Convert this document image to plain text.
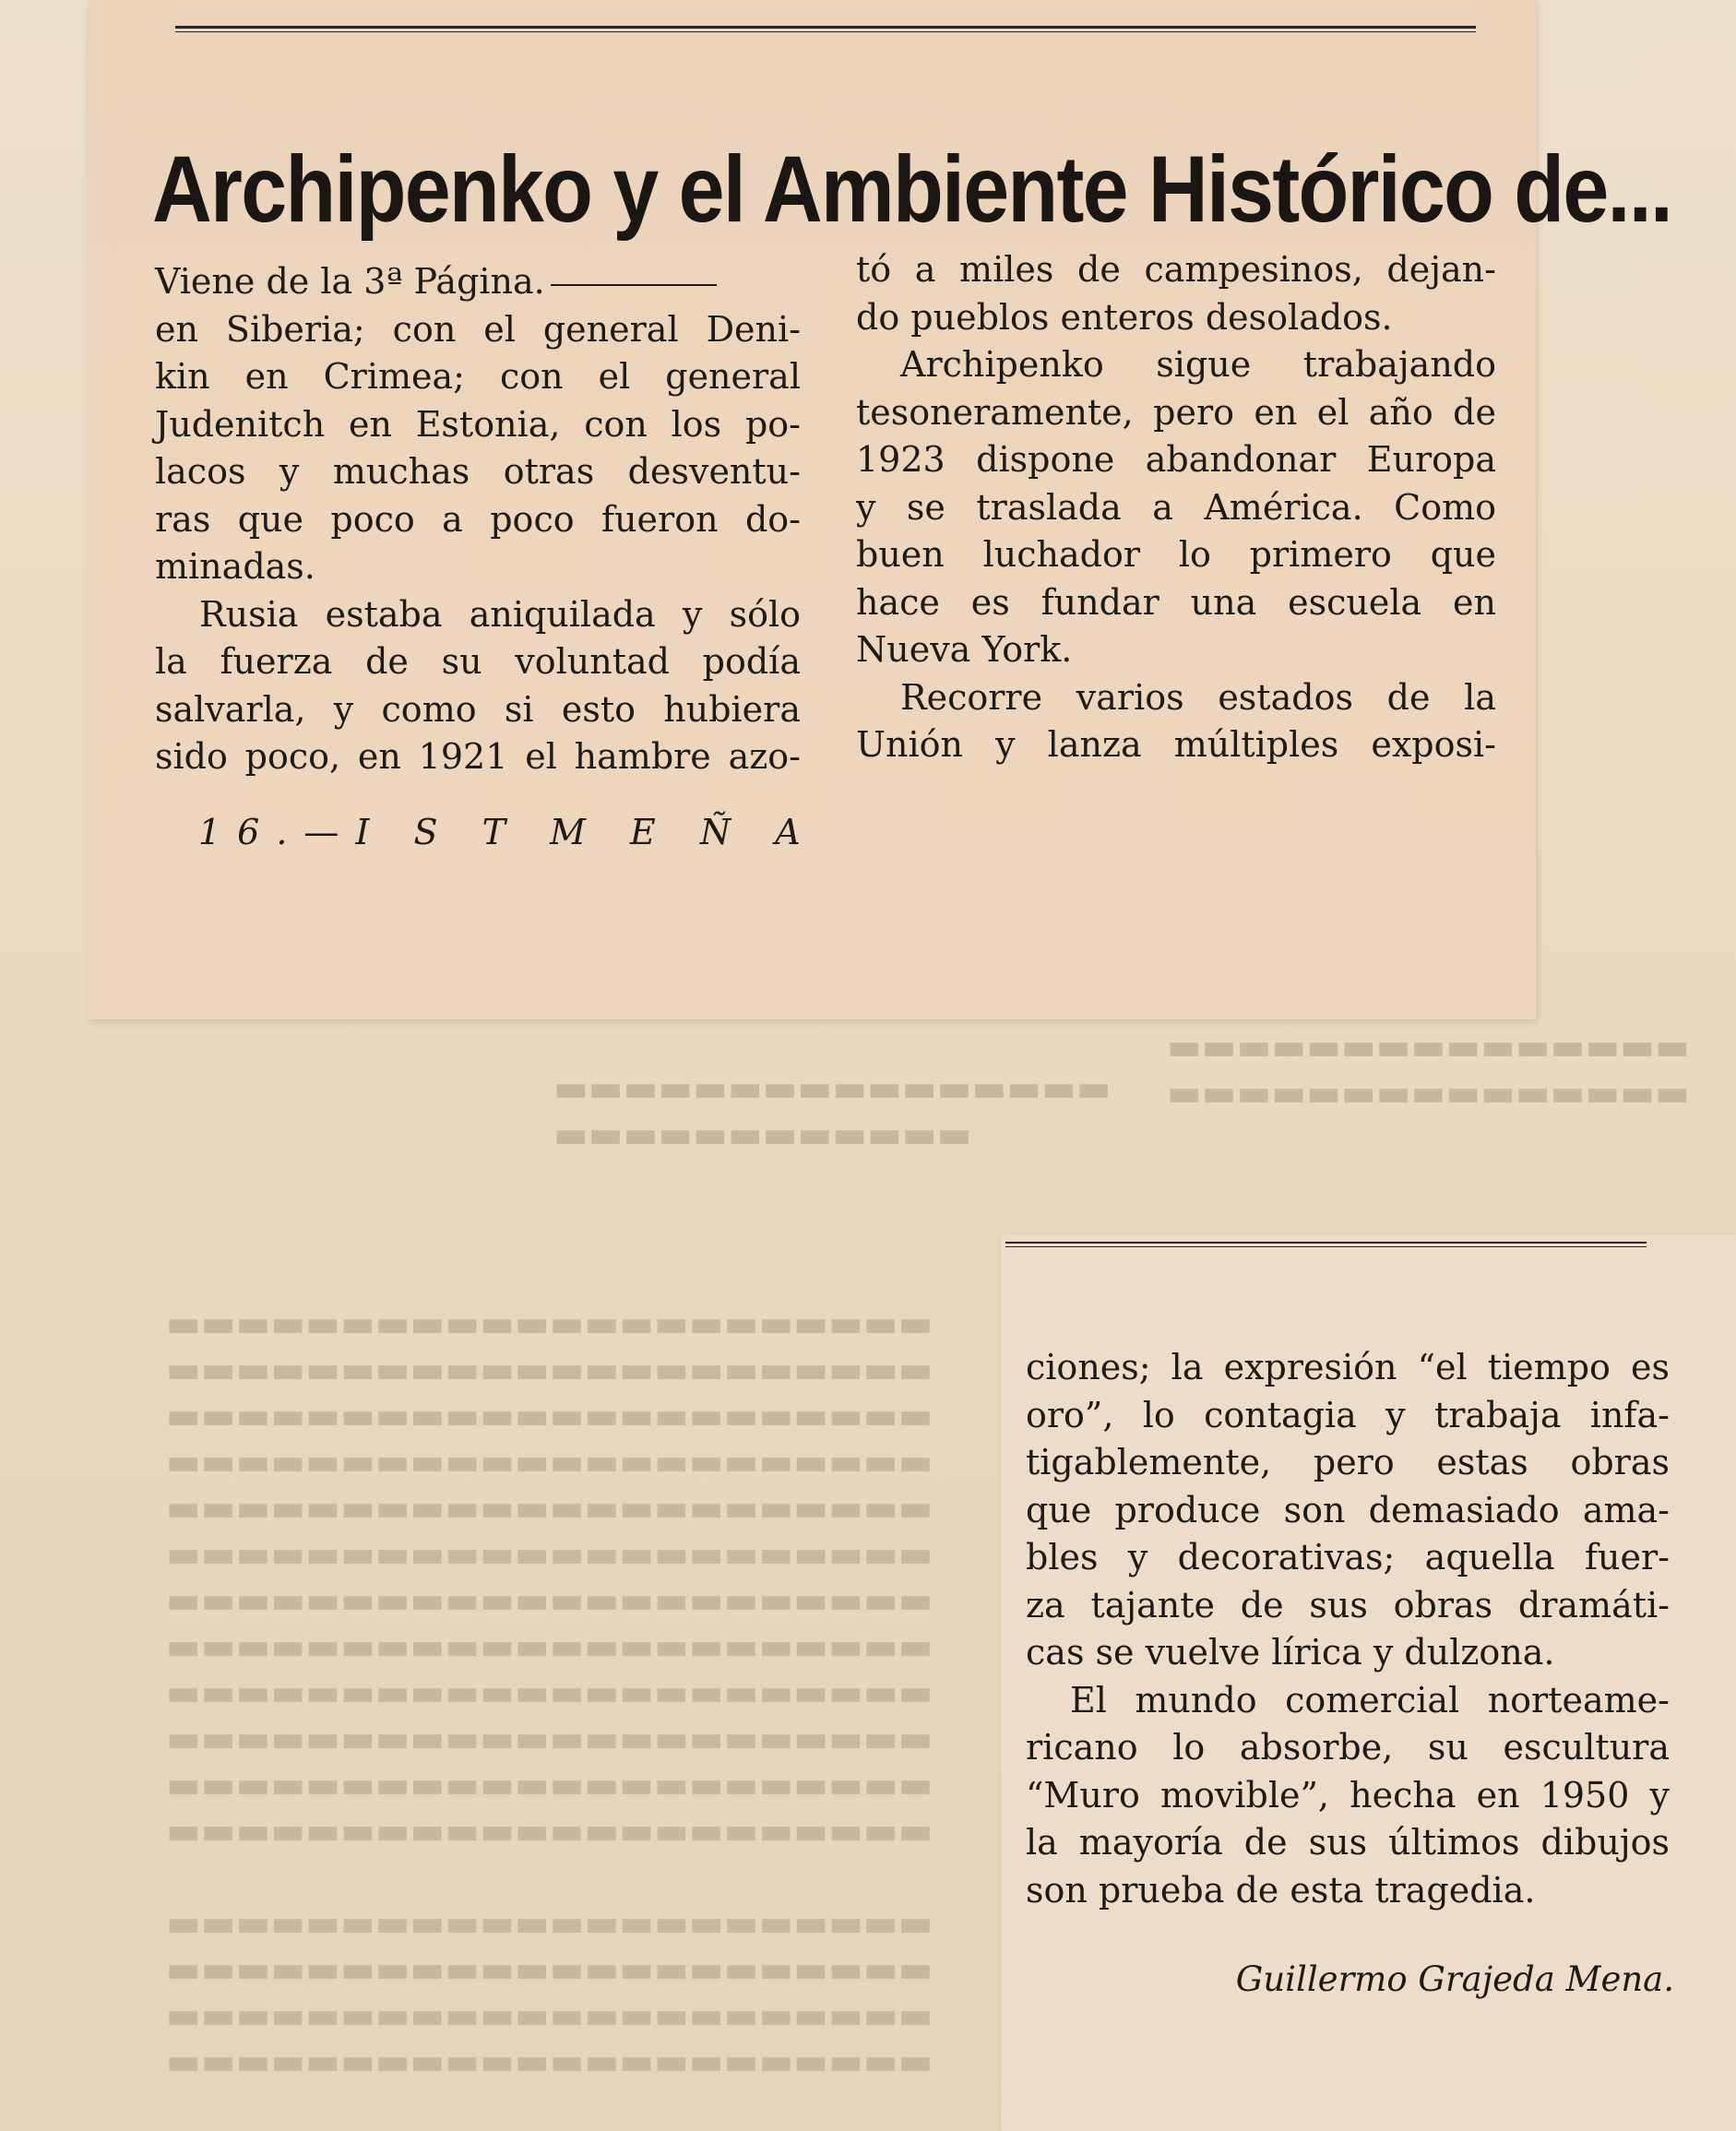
▬▬▬▬▬▬▬▬▬▬▬▬▬▬▬▬
▬▬▬▬▬▬▬▬▬▬▬▬
▬▬▬▬▬▬▬▬▬▬▬▬▬▬▬
▬▬▬▬▬▬▬▬▬▬▬▬▬▬▬
▬▬▬▬▬▬▬▬▬▬▬▬▬▬▬▬▬▬▬▬▬▬
▬▬▬▬▬▬▬▬▬▬▬▬▬▬▬▬▬▬▬▬▬▬
▬▬▬▬▬▬▬▬▬▬▬▬▬▬▬▬▬▬▬▬▬▬
▬▬▬▬▬▬▬▬▬▬▬▬▬▬▬▬▬▬▬▬▬▬
▬▬▬▬▬▬▬▬▬▬▬▬▬▬▬▬▬▬▬▬▬▬
▬▬▬▬▬▬▬▬▬▬▬▬▬▬▬▬▬▬▬▬▬▬
▬▬▬▬▬▬▬▬▬▬▬▬▬▬▬▬▬▬▬▬▬▬
▬▬▬▬▬▬▬▬▬▬▬▬▬▬▬▬▬▬▬▬▬▬
▬▬▬▬▬▬▬▬▬▬▬▬▬▬▬▬▬▬▬▬▬▬
▬▬▬▬▬▬▬▬▬▬▬▬▬▬▬▬▬▬▬▬▬▬
▬▬▬▬▬▬▬▬▬▬▬▬▬▬▬▬▬▬▬▬▬▬
▬▬▬▬▬▬▬▬▬▬▬▬▬▬▬▬▬▬▬▬▬▬
▬▬▬▬▬▬▬▬▬▬▬▬▬▬▬▬▬▬▬▬▬▬
▬▬▬▬▬▬▬▬▬▬▬▬▬▬▬▬▬▬▬▬▬▬
▬▬▬▬▬▬▬▬▬▬▬▬▬▬▬▬▬▬▬▬▬▬
▬▬▬▬▬▬▬▬▬▬▬▬▬▬▬▬▬▬▬▬▬▬
Archipenko y el Ambiente Histórico de...
Viene de la 3ª Página.
en Siberia; con el general Deni-
kin en Crimea; con el general
Judenitch en Estonia, con los po-
lacos y muchas otras desventu-
ras que poco a poco fueron do-
minadas.
Rusia estaba aniquilada y sólo
la fuerza de su voluntad podía
salvarla, y como si esto hubiera
sido poco, en 1921 el hambre azo-
tó a miles de campesinos, dejan-
do pueblos enteros desolados.
Archipenko sigue trabajando
tesoneramente, pero en el año de
1923 dispone abandonar Europa
y se traslada a América. Como
buen luchador lo primero que
hace es fundar una escuela en
Nueva York.
Recorre varios estados de la
Unión y lanza múltiples exposi-
16.—I S T M E Ñ A
ciones; la expresión “el tiempo es
oro”, lo contagia y trabaja infa-
tigablemente, pero estas obras
que produce son demasiado ama-
bles y decorativas; aquella fuer-
za tajante de sus obras dramáti-
cas se vuelve lírica y dulzona.
El mundo comercial norteame-
ricano lo absorbe, su escultura
“Muro movible”, hecha en 1950 y
la mayoría de sus últimos dibujos
son prueba de esta tragedia.
Guillermo Grajeda Mena.
